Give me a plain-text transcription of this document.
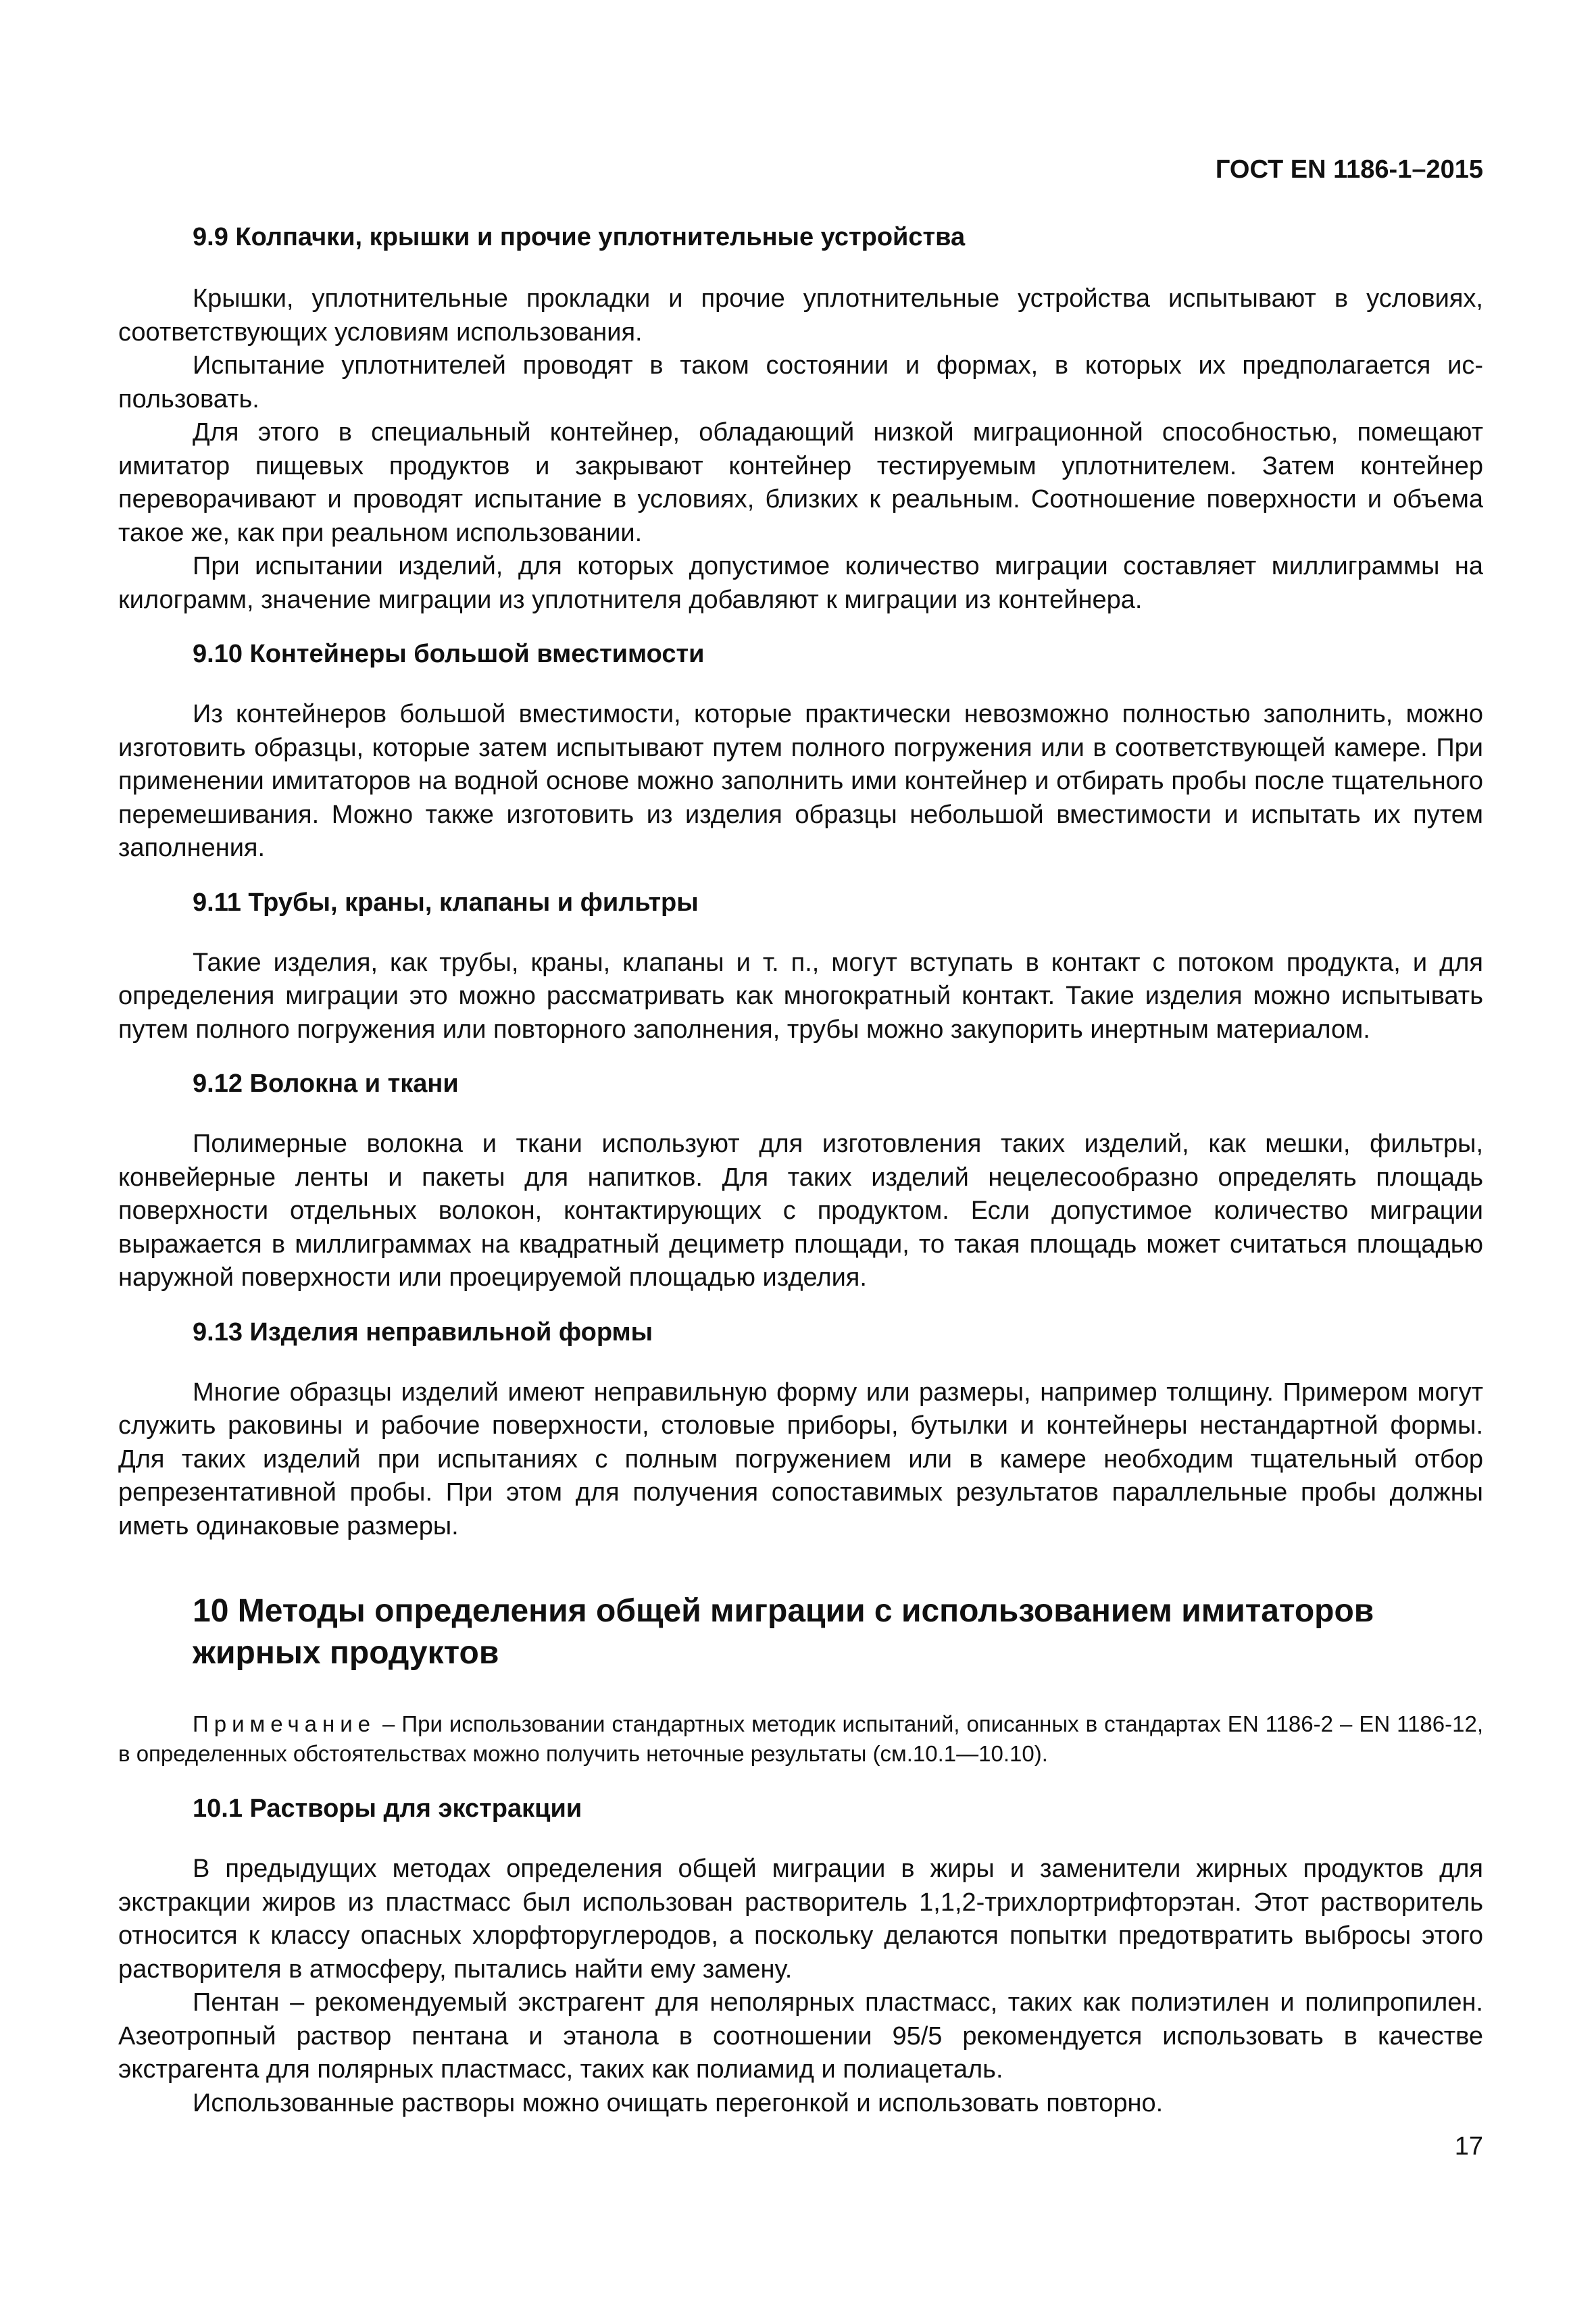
ГОСТ EN 1186-1–2015
9.9 Колпачки, крышки и прочие уплотнительные устройства

Крышки, уплотнительные прокладки и прочие уплотнительные устройства испытывают в условиях, соответствующих условиям использования.

Испытание уплотнителей проводят в таком состоянии и формах, в которых их предполагается использовать.

Для этого в специальный контейнер, обладающий низкой миграционной способностью, помещают имитатор пищевых продуктов и закрывают контейнер тестируемым уплотнителем. Затем контейнер переворачивают и проводят испытание в условиях, близких к реальным. Соотношение поверхности и объема такое же, как при реальном использовании.

При испытании изделий, для которых допустимое количество миграции составляет миллиграммы на килограмм, значение миграции из уплотнителя добавляют к миграции из контейнера.

9.10 Контейнеры большой вместимости

Из контейнеров большой вместимости, которые практически невозможно полностью заполнить, можно изготовить образцы, которые затем испытывают путем полного погружения или в соответствующей камере. При применении имитаторов на водной основе можно заполнить ими контейнер и отбирать пробы после тщательного перемешивания. Можно также изготовить из изделия образцы небольшой вместимости и испытать их путем заполнения.

9.11 Трубы, краны, клапаны и фильтры

Такие изделия, как трубы, краны, клапаны и т. п., могут вступать в контакт с потоком продукта, и для определения миграции это можно рассматривать как многократный контакт. Такие изделия можно испытывать путем полного погружения или повторного заполнения, трубы можно закупорить инертным материалом.

9.12 Волокна и ткани

Полимерные волокна и ткани используют для изготовления таких изделий, как мешки, фильтры, конвейерные ленты и пакеты для напитков. Для таких изделий нецелесообразно определять площадь поверхности отдельных волокон, контактирующих с продуктом. Если допустимое количество миграции выражается в миллиграммах на квадратный дециметр площади, то такая площадь может считаться площадью наружной поверхности или проецируемой площадью изделия.

9.13 Изделия неправильной формы

Многие образцы изделий имеют неправильную форму или размеры, например толщину. Примером могут служить раковины и рабочие поверхности, столовые приборы, бутылки и контейнеры нестандартной формы. Для таких изделий при испытаниях с полным погружением или в камере необходим тщательный отбор репрезентативной пробы. При этом для получения сопоставимых результатов параллельные пробы должны иметь одинаковые размеры.

10 Методы определения общей миграции с использованием имитаторов жирных продуктов
Примечание – При использовании стандартных методик испытаний, описанных в стандартах EN 1186-2 – EN 1186-12, в определенных обстоятельствах можно получить неточные результаты (см.10.1—10.10).
10.1 Растворы для экстракции

В предыдущих методах определения общей миграции в жиры и заменители жирных продуктов для экстракции жиров из пластмасс был использован растворитель 1,1,2-трихлортрифторэтан. Этот растворитель относится к классу опасных хлорфторуглеродов, а поскольку делаются попытки предотвратить выбросы этого растворителя в атмосферу, пытались найти ему замену.

Пентан – рекомендуемый экстрагент для неполярных пластмасс, таких как полиэтилен и полипропилен. Азеотропный раствор пентана и этанола в соотношении 95/5 рекомендуется использовать в качестве экстрагента для полярных пластмасс, таких как полиамид и полиацеталь.

Использованные растворы можно очищать перегонкой и использовать повторно.

17
